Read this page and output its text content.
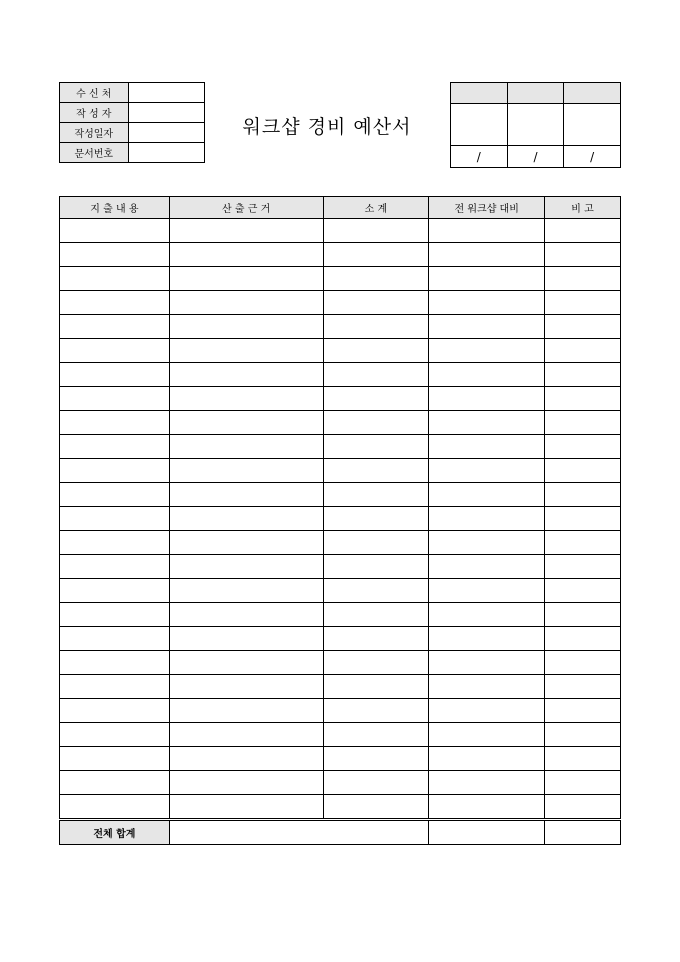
수 신 처	
작 성 자	
작성일자	
문서번호	
워크샵 경비 예산서

/	/	/
지 출 내 용	산 출 근 거	소 계	전 워크샵 대비	비 고

전체 합계				
